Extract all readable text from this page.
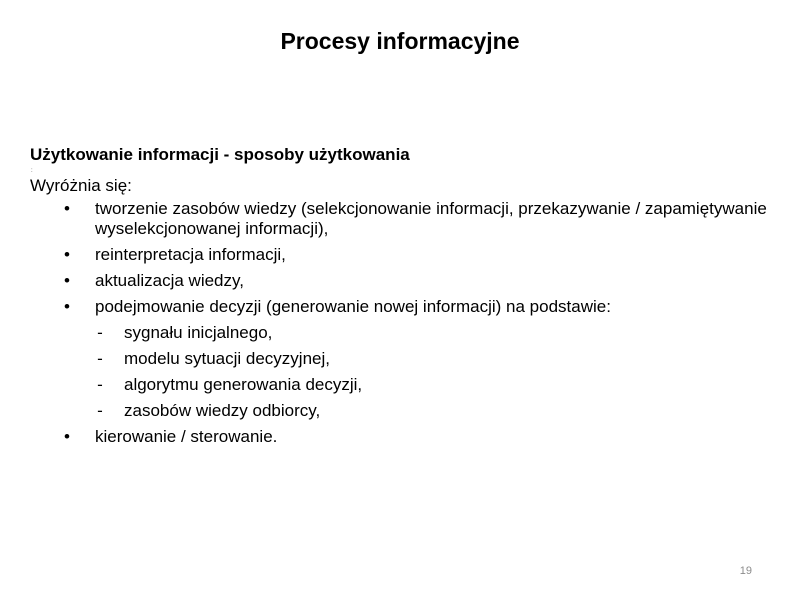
Procesy informacyjne
Użytkowanie informacji - sposoby użytkowania
:
Wyróżnia się:
• tworzenie zasobów wiedzy (selekcjonowanie informacji, przekazywanie / zapamiętywanie wyselekcjonowanej informacji),
• reinterpretacja informacji,
• aktualizacja wiedzy,
• podejmowanie decyzji (generowanie nowej informacji) na podstawie:
- sygnału inicjalnego,
- modelu sytuacji decyzyjnej,
- algorytmu generowania decyzji,
- zasobów wiedzy odbiorcy,
• kierowanie / sterowanie.
19
